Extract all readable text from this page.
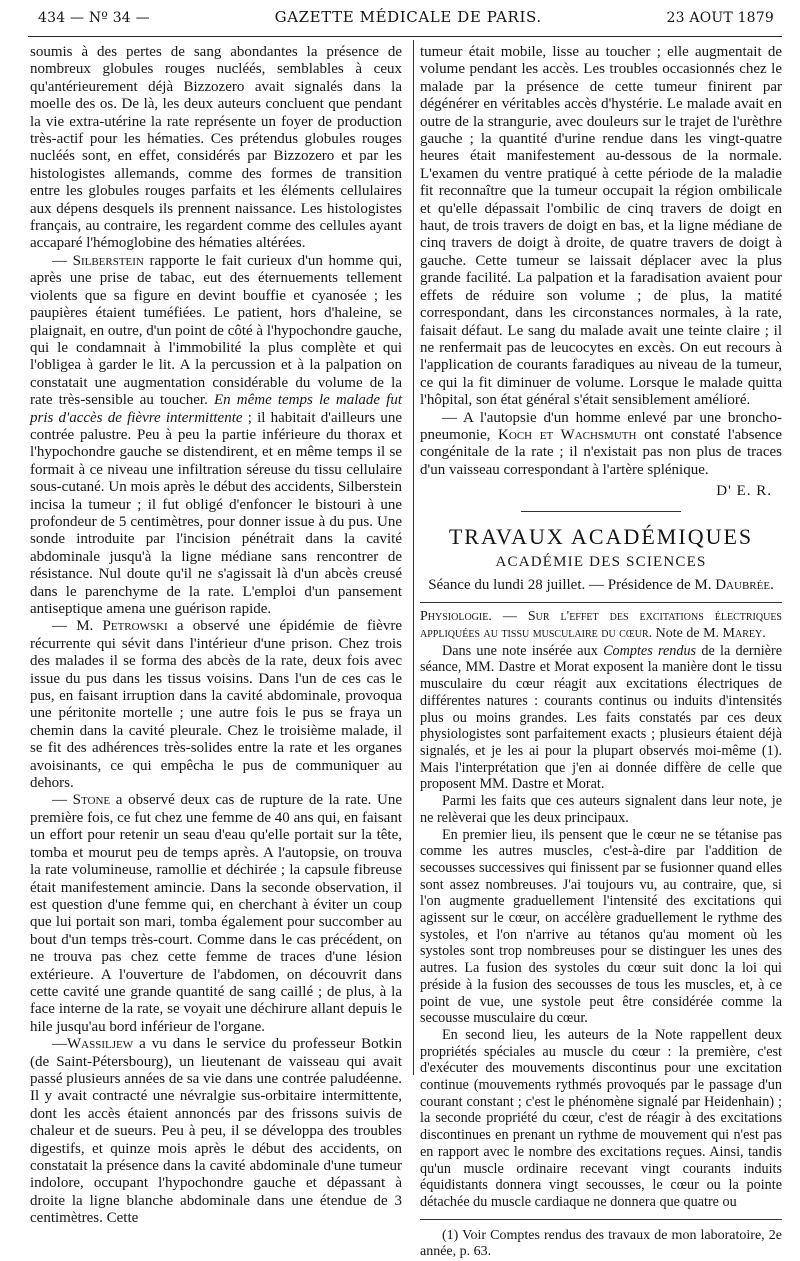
434 — Nº 34 —	GAZETTE MÉDICALE DE PARIS.	23 AOUT 1879

soumis à des pertes de sang abondantes la présence de nombreux globules rouges nucléés, semblables à ceux qu'antérieurement déjà Bizzozero avait signalés dans la moelle des os. De là, les deux auteurs concluent que pendant la vie extra-utérine la rate représente un foyer de production très-actif pour les hématies. Ces prétendus globules rouges nucléés sont, en effet, considérés par Bizzozero et par les histologistes allemands, comme des formes de transition entre les globules rouges parfaits et les éléments cellulaires aux dépens desquels ils prennent naissance. Les histologistes français, au contraire, les regardent comme des cellules ayant accaparé l'hémoglobine des hématies altérées.

— Silberstein rapporte le fait curieux d'un homme qui, après une prise de tabac, eut des éternuements tellement violents que sa figure en devint bouffie et cyanosée ; les paupières étaient tuméfiées. Le patient, hors d'haleine, se plaignait, en outre, d'un point de côté à l'hypochondre gauche, qui le condamnait à l'immobilité la plus complète et qui l'obligea à garder le lit. A la percussion et à la palpation on constatait une augmentation considérable du volume de la rate très-sensible au toucher. En même temps le malade fut pris d'accès de fièvre intermittente ; il habitait d'ailleurs une contrée palustre. Peu à peu la partie inférieure du thorax et l'hypochondre gauche se distendirent, et en même temps il se formait à ce niveau une infiltration séreuse du tissu cellulaire sous-cutané. Un mois après le début des accidents, Silberstein incisa la tumeur ; il fut obligé d'enfoncer le bistouri à une profondeur de 5 centimètres, pour donner issue à du pus. Une sonde introduite par l'incision pénétrait dans la cavité abdominale jusqu'à la ligne médiane sans rencontrer de résistance. Nul doute qu'il ne s'agissait là d'un abcès creusé dans le parenchyme de la rate. L'emploi d'un pansement antiseptique amena une guérison rapide.

— M. Petrowski a observé une épidémie de fièvre récurrente qui sévit dans l'intérieur d'une prison. Chez trois des malades il se forma des abcès de la rate, deux fois avec issue du pus dans les tissus voisins. Dans l'un de ces cas le pus, en faisant irruption dans la cavité abdominale, provoqua une péritonite mortelle ; une autre fois le pus se fraya un chemin dans la cavité pleurale. Chez le troisième malade, il se fit des adhérences très-solides entre la rate et les organes avoisinants, ce qui empêcha le pus de communiquer au dehors.

— Stone a observé deux cas de rupture de la rate. Une première fois, ce fut chez une femme de 40 ans qui, en faisant un effort pour retenir un seau d'eau qu'elle portait sur la tête, tomba et mourut peu de temps après. A l'autopsie, on trouva la rate volumineuse, ramollie et déchirée ; la capsule fibreuse était manifestement amincie. Dans la seconde observation, il est question d'une femme qui, en cherchant à éviter un coup que lui portait son mari, tomba également pour succomber au bout d'un temps très-court. Comme dans le cas précédent, on ne trouva pas chez cette femme de traces d'une lésion extérieure. A l'ouverture de l'abdomen, on découvrit dans cette cavité une grande quantité de sang caillé ; de plus, à la face interne de la rate, se voyait une déchirure allant depuis le hile jusqu'au bord inférieur de l'organe.

—Wassiljew a vu dans le service du professeur Botkin (de Saint-Pétersbourg), un lieutenant de vaisseau qui avait passé plusieurs années de sa vie dans une contrée paludéenne. Il y avait contracté une névralgie sus-orbitaire intermittente, dont les accès étaient annoncés par des frissons suivis de chaleur et de sueurs. Peu à peu, il se développa des troubles digestifs, et quinze mois après le début des accidents, on constatait la présence dans la cavité abdominale d'une tumeur indolore, occupant l'hypochondre gauche et dépassant à droite la ligne blanche abdominale dans une étendue de 3 centimètres. Cette

tumeur était mobile, lisse au toucher ; elle augmentait de volume pendant les accès. Les troubles occasionnés chez le malade par la présence de cette tumeur finirent par dégénérer en véritables accès d'hystérie. Le malade avait en outre de la strangurie, avec douleurs sur le trajet de l'urèthre gauche ; la quantité d'urine rendue dans les vingt-quatre heures était manifestement au-dessous de la normale. L'examen du ventre pratiqué à cette période de la maladie fit reconnaître que la tumeur occupait la région ombilicale et qu'elle dépassait l'ombilic de cinq travers de doigt en haut, de trois travers de doigt en bas, et la ligne médiane de cinq travers de doigt à droite, de quatre travers de doigt à gauche. Cette tumeur se laissait déplacer avec la plus grande facilité. La palpation et la faradisation avaient pour effets de réduire son volume ; de plus, la matité correspondant, dans les circonstances normales, à la rate, faisait défaut. Le sang du malade avait une teinte claire ; il ne renfermait pas de leucocytes en excès. On eut recours à l'application de courants faradiques au niveau de la tumeur, ce qui la fit diminuer de volume. Lorsque le malade quitta l'hôpital, son état général s'était sensiblement amélioré.

— A l'autopsie d'un homme enlevé par une broncho-pneumonie, Koch et Wachsmuth ont constaté l'absence congénitale de la rate ; il n'existait pas non plus de traces d'un vaisseau correspondant à l'artère splénique.

D' E. R.
TRAVAUX ACADÉMIQUES
ACADÉMIE DES SCIENCES
Séance du lundi 28 juillet. — Présidence de M. Daubrée.

Physiologie. — Sur l'effet des excitations électriques appliquées au tissu musculaire du cœur. Note de M. Marey.

Dans une note insérée aux Comptes rendus de la dernière séance, MM. Dastre et Morat exposent la manière dont le tissu musculaire du cœur réagit aux excitations électriques de différentes natures : courants continus ou induits d'intensités plus ou moins grandes. Les faits constatés par ces deux physiologistes sont parfaitement exacts ; plusieurs étaient déjà signalés, et je les ai pour la plupart observés moi-même (1). Mais l'interprétation que j'en ai donnée diffère de celle que proposent MM. Dastre et Morat.

Parmi les faits que ces auteurs signalent dans leur note, je ne relèverai que les deux principaux.

En premier lieu, ils pensent que le cœur ne se tétanise pas comme les autres muscles, c'est-à-dire par l'addition de secousses successives qui finissent par se fusionner quand elles sont assez nombreuses. J'ai toujours vu, au contraire, que, si l'on augmente graduellement l'intensité des excitations qui agissent sur le cœur, on accélère graduellement le rythme des systoles, et l'on n'arrive au tétanos qu'au moment où les systoles sont trop nombreuses pour se distinguer les unes des autres. La fusion des systoles du cœur suit donc la loi qui préside à la fusion des secousses de tous les muscles, et, à ce point de vue, une systole peut être considérée comme la secousse musculaire du cœur.

En second lieu, les auteurs de la Note rappellent deux propriétés spéciales au muscle du cœur : la première, c'est d'exécuter des mouvements discontinus pour une excitation continue (mouvements rythmés provoqués par le passage d'un courant constant ; c'est le phénomène signalé par Heidenhain) ; la seconde propriété du cœur, c'est de réagir à des excitations discontinues en prenant un rythme de mouvement qui n'est pas en rapport avec le nombre des excitations reçues. Ainsi, tandis qu'un muscle ordinaire recevant vingt courants induits équidistants donnera vingt secousses, le cœur ou la pointe détachée du muscle cardiaque ne donnera que quatre ou

(1) Voir Comptes rendus des travaux de mon laboratoire, 2e année, p. 63.
